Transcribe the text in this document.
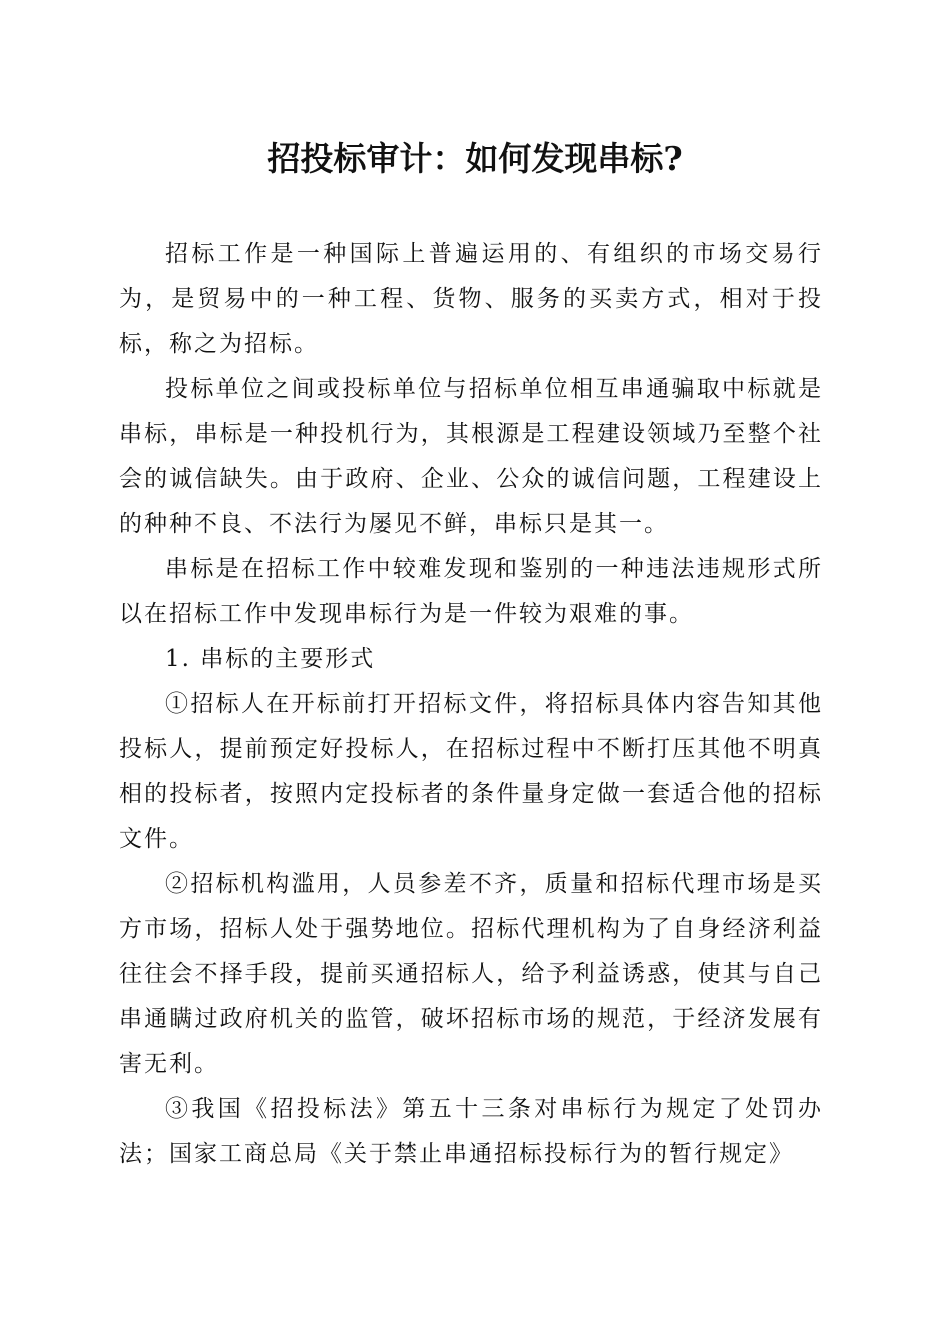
招投标审计：如何发现串标?

招标工作是一种国际上普遍运用的、有组织的市场交易行为，是贸易中的一种工程、货物、服务的买卖方式，相对于投标，称之为招标。

投标单位之间或投标单位与招标单位相互串通骗取中标就是串标，串标是一种投机行为，其根源是工程建设领域乃至整个社会的诚信缺失。由于政府、企业、公众的诚信问题，工程建设上的种种不良、不法行为屡见不鲜，串标只是其一。

串标是在招标工作中较难发现和鉴别的一种违法违规形式所以在招标工作中发现串标行为是一件较为艰难的事。

1. 串标的主要形式

①招标人在开标前打开招标文件，将招标具体内容告知其他投标人，提前预定好投标人，在招标过程中不断打压其他不明真相的投标者，按照内定投标者的条件量身定做一套适合他的招标文件。

②招标机构滥用，人员参差不齐，质量和招标代理市场是买方市场，招标人处于强势地位。招标代理机构为了自身经济利益往往会不择手段，提前买通招标人，给予利益诱惑，使其与自己串通瞒过政府机关的监管，破坏招标市场的规范，于经济发展有害无利。

③我国《招投标法》第五十三条对串标行为规定了处罚办法；国家工商总局《关于禁止串通招标投标行为的暂行规定》
